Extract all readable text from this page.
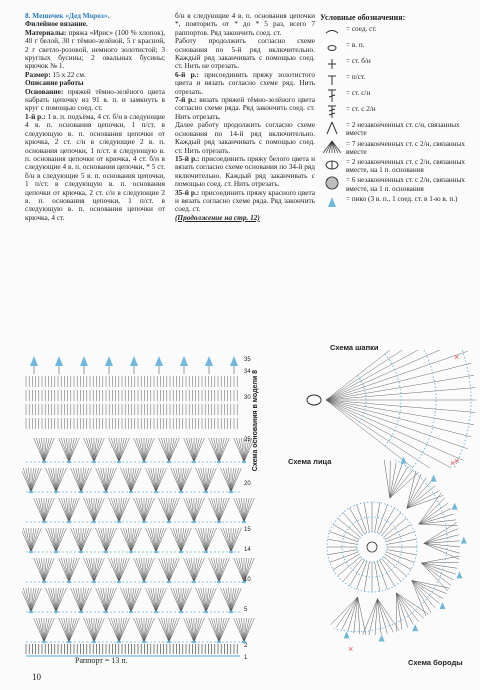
8. Мешочек «Дед Мороз».
Филейное вязание.
Материалы: пряжа «Ирис» (100 % хлопок), 40 г белой, 30 г тёмно-зелёной, 5 г красной, 2 г светло-розовой, немного золотистой; 3 круглых бусины; 2 овальных бусины; крючок № 1.
Размер: 15 х 22 см.
Описание работы
Основание: пряжей тёмно-зелёного цвета набрать цепочку из 91 в. п. и замкнуть в круг с помощью соед. ст.
1-й р.: 1 в. п. подъёма, 4 ст. б/н в следующие 4 в. п. основания цепочки, 1 п/ст. в следующую в. п. основания цепочки от крючка, 2 ст. с/н в следующие 2 в. п. основания цепочки, 1 п/ст. в следующую в. п. основания цепочки от крючка, 4 ст. б/н в следующие 4 в. п. основания цепочки, * 5 ст. б/н в следующие 5 в. п. основания цепочки, 1 п/ст. в следующую в. п. основания цепочки от крючка, 2 ст. с/н в следующие 2 в. п. основания цепочки, 1 п/ст. в следующую в. п. основания цепочки от крючка, 4 ст.
б/н в следующие 4 в. п. основания цепочки *, повторить от * до * 5 раз, всего 7 раппортов. Ряд закончить соед. ст.
Работу продолжить согласно схеме основания по 5-й ряд включительно. Каждый ряд заканчивать с помощью соед. ст. Нить не отрезать.
6-й р.: присоединить пряжу золотистого цвета и вязать согласно схеме ряд. Нить отрезать.
7-й р.: вязать пряжей тёмно-зелёного цвета согласно схеме ряда. Ряд закончить соед. ст. Нить отрезать.
Далее работу продолжить согласно схеме основания по 14-й ряд включительно. Каждый ряд заканчивать с помощью соед. ст. Нить отрезать.
15-й р.: присоединить пряжу белого цвета и вязать согласно схеме основания по 34-й ряд включительно. Каждый ряд заканчивать с помощью соед. ст. Нить отрезать.
35-й р.: присоединить пряжу красного цвета и вязать согласно схеме ряда. Ряд закончить соед. ст.
(Продолжение на стр. 12)
Условные обозначения:
= соед. ст.
= в. п.
= ст. б/н
= п/ст.
= ст. с/н
= ст. с 2/н
= 2 незаконченных ст. с/н, связанных вместе
= 7 незаконченных ст. с 2/н, связанных вместе
= 2 незаконченных ст. с 2/н, связанных вместе, на 1 п. основания
= 6 незаконченных ст. с 2/н, связанных вместе, на 1 п. основания
= пико (3 в. п., 1 соед. ст. в 1-ю в. п.)
35
34
30
25
20
15
14
10
5
2
1
Схема основания в модели 8
Раппорт = 13 п.
×
×
Схема шапки
×
×
Схема лица
Схема бороды
10
